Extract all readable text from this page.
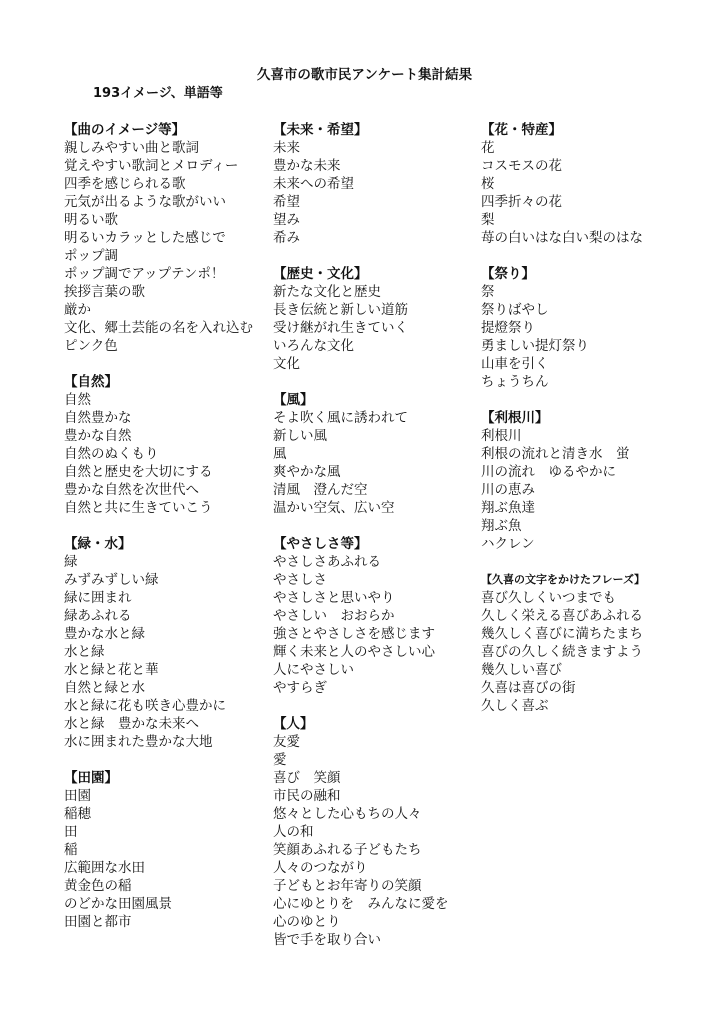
久喜市の歌市民アンケート集計結果
193イメージ、単語等
【曲のイメージ等】
親しみやすい曲と歌詞
覚えやすい歌詞とメロディー
四季を感じられる歌
元気が出るような歌がいい
明るい歌
明るいカラッとした感じで
ポップ調
ポップ調でアップテンポ！
挨拶言葉の歌
厳か
文化、郷土芸能の名を入れ込む
ピンク色
【自然】
自然
自然豊かな
豊かな自然
自然のぬくもり
自然と歴史を大切にする
豊かな自然を次世代へ
自然と共に生きていこう
【緑・水】
緑
みずみずしい緑
緑に囲まれ
緑あふれる
豊かな水と緑
水と緑
水と緑と花と華
自然と緑と水
水と緑に花も咲き心豊かに
水と緑　豊かな未来へ
水に囲まれた豊かな大地
【田園】
田園
稲穂
田
稲
広範囲な水田
黄金色の稲
のどかな田園風景
田園と都市
【未来・希望】
未来
豊かな未来
未来への希望
希望
望み
希み
【歴史・文化】
新たな文化と歴史
長き伝統と新しい道筋
受け継がれ生きていく
いろんな文化
文化
【風】
そよ吹く風に誘われて
新しい風
風
爽やかな風
清風　澄んだ空
温かい空気、広い空
【やさしさ等】
やさしさあふれる
やさしさ
やさしさと思いやり
やさしい　おおらか
強さとやさしさを感じます
輝く未来と人のやさしい心
人にやさしい
やすらぎ
【人】
友愛
愛
喜び　笑顔
市民の融和
悠々とした心もちの人々
人の和
笑顔あふれる子どもたち
人々のつながり
子どもとお年寄りの笑顔
心にゆとりを　みんなに愛を
心のゆとり
皆で手を取り合い
【花・特産】
花
コスモスの花
桜
四季折々の花
梨
苺の白いはな白い梨のはな
【祭り】
祭
祭りばやし
提燈祭り
勇ましい提灯祭り
山車を引く
ちょうちん
【利根川】
利根川
利根の流れと清き水　蛍
川の流れ　ゆるやかに
川の恵み
翔ぶ魚達
翔ぶ魚
ハクレン
【久喜の文字をかけたフレーズ】
喜び久しくいつまでも
久しく栄える喜びあふれる
幾久しく喜びに満ちたまち
喜びの久しく続きますよう
幾久しい喜び
久喜は喜びの街
久しく喜ぶ
